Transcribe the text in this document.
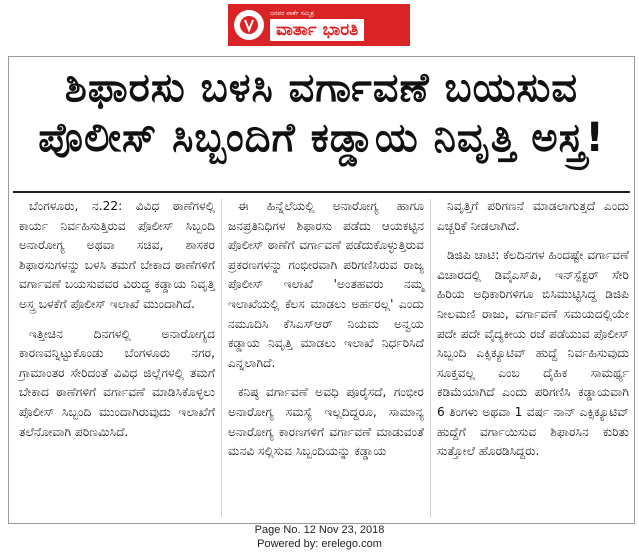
ಜನಪರ ವಾರ್ತೆ ಸಮ್ಮಿಶ್ರ
ವಾರ್ತಾ ಭಾರತಿ
ಶಿಫಾರಸು ಬಳಸಿ ವರ್ಗಾವಣೆ ಬಯಸುವ
ಪೊಲೀಸ್ ಸಿಬ್ಬಂದಿಗೆ ಕಡ್ಡಾಯ ನಿವೃತ್ತಿ ಅಸ್ತ್ರ!

ಬೆಂಗಳೂರು, ನ.22: ವಿವಿಧ ಠಾಣೆಗಳಲ್ಲಿ ಕಾರ್ಯ ನಿರ್ವಹಿಸುತ್ತಿರುವ ಪೊಲೀಸ್ ಸಿಬ್ಬಂದಿ ಅನಾರೋಗ್ಯ ಅಥವಾ ಸಚಿವ, ಶಾಸಕರ ಶಿಫಾರಸುಗಳನ್ನು ಬಳಸಿ ತಮಗೆ ಬೇಕಾದ ಠಾಣೆಗಳಿಗೆ ವರ್ಗಾವಣೆ ಬಯಸುವವರ ವಿರುದ್ಧ ಕಡ್ಡಾಯ ನಿವೃತ್ತಿ ಅಸ್ತ್ರ ಬಳಕೆಗೆ ಪೊಲೀಸ್ ಇಲಾಖೆ ಮುಂದಾಗಿದೆ.

ಇತ್ತೀಚಿನ ದಿನಗಳಲ್ಲಿ ಅನಾರೋಗ್ಯದ ಕಾರಣವನ್ನಿಟ್ಟುಕೊಂಡು ಬೆಂಗಳೂರು ನಗರ, ಗ್ರಾಮಾಂತರ ಸೇರಿದಂತೆ ವಿವಿಧ ಜಿಲ್ಲೆಗಳಲ್ಲಿ ತಮಗೆ ಬೇಕಾದ ಠಾಣೆಗಳಿಗೆ ವರ್ಗಾವಣೆ ಮಾಡಿಸಿಕೊಳ್ಳಲು ಪೊಲೀಸ್ ಸಿಬ್ಬಂದಿ ಮುಂದಾಗಿರುವುದು ಇಲಾಖೆಗೆ ತಲೆನೋವಾಗಿ ಪರಿಣಮಿಸಿದೆ.

ಈ ಹಿನ್ನೆಲೆಯಲ್ಲಿ ಅನಾರೋಗ್ಯ ಹಾಗೂ ಜನಪ್ರತಿನಿಧಿಗಳ ಶಿಫಾರಸು ಪಡೆದು ಆಯಕಟ್ಟಿನ ಪೊಲೀಸ್ ಠಾಣೆಗೆ ವರ್ಗಾವಣೆ ಪಡೆದುಕೊಳ್ಳುತ್ತಿರುವ ಪ್ರಕರಣಗಳನ್ನು ಗಂಭೀರವಾಗಿ ಪರಿಗಣಿಸಿರುವ ರಾಜ್ಯ ಪೊಲೀಸ್ ಇಲಾಖೆ 'ಅಂತಹವರು ನಮ್ಮ ಇಲಾಖೆಯಲ್ಲಿ ಕೆಲಸ ಮಾಡಲು ಅರ್ಹರಲ್ಲ' ಎಂದು ನಮೂದಿಸಿ ಕೆಸಿಎಸ್‌ಆರ್ ನಿಯಮ ಅನ್ವಯ ಕಡ್ಡಾಯ ನಿವೃತ್ತಿ ಮಾಡಲು ಇಲಾಖೆ ನಿರ್ಧರಿಸಿದೆ ಎನ್ನಲಾಗಿದೆ.

ಕನಿಷ್ಠ ವರ್ಗಾವಣೆ ಅವಧಿ ಪೂರೈಸದೆ, ಗಂಭೀರ ಅನಾರೋಗ್ಯ ಸಮಸ್ಯೆ ಇಲ್ಲದಿದ್ದರೂ, ಸಾಮಾನ್ಯ ಅನಾರೋಗ್ಯ ಕಾರಣಗಳಿಗೆ ವರ್ಗಾವಣೆ ಮಾಡುವಂತೆ ಮನವಿ ಸಲ್ಲಿಸುವ ಸಿಬ್ಬಂದಿಯನ್ನು ಕಡ್ಡಾಯ

ನಿವೃತ್ತಿಗೆ ಪರಿಗಣನೆ ಮಾಡಲಾಗುತ್ತದೆ ಎಂದು ಎಚ್ಚರಿಕೆ ನೀಡಲಾಗಿದೆ.

ಡಿಜಿಪಿ ಚಾಟಿ: ಕೆಲದಿನಗಳ ಹಿಂದಷ್ಟೇ ವರ್ಗಾವಣೆ ವಿಚಾರದಲ್ಲಿ ಡಿವೈಎಸ್‌ಪಿ, ಇನ್‌ಸ್ಪೆಕ್ಟರ್ ಸೇರಿ ಹಿರಿಯ ಅಧಿಕಾರಿಗಳಿಗೂ ಬಿಸಿಮುಟ್ಟಿಸಿದ್ದ ಡಿಜಿಪಿ ನೀಲಮಣಿ ರಾಜು, ವರ್ಗಾವಣೆ ಸಮಯದಲ್ಲಿಯೇ ಪದೇ ಪದೇ ವೈದ್ಯಕೀಯ ರಜೆ ಪಡೆಯುವ ಪೊಲೀಸ್ ಸಿಬ್ಬಂದಿ ಎಕ್ಸಿಕ್ಯೂಟಿವ್ ಹುದ್ದೆ ನಿರ್ವಹಿಸುವುದು ಸೂಕ್ತವಲ್ಲ ಎಂಬ ದೈಹಿಕ ಸಾಮರ್ಥ್ಯ ಕಡಿಮೆಯಾಗಿದೆ ಎಂದು ಪರಿಗಣಿಸಿ ಕಡ್ಡಾಯವಾಗಿ 6 ತಿಂಗಳು ಅಥವಾ 1 ವರ್ಷ ನಾನ್ ಎಕ್ಸಿಕ್ಯೂಟಿವ್ ಹುದ್ದೆಗೆ ವರ್ಗಾಯಿಸುವ ಶಿಫಾರಸಿನ ಕುರಿತು ಸುತ್ತೋಲೆ ಹೊರಡಿಸಿದ್ದರು.

Page No. 12 Nov 23, 2018
Powered by: erelego.com
